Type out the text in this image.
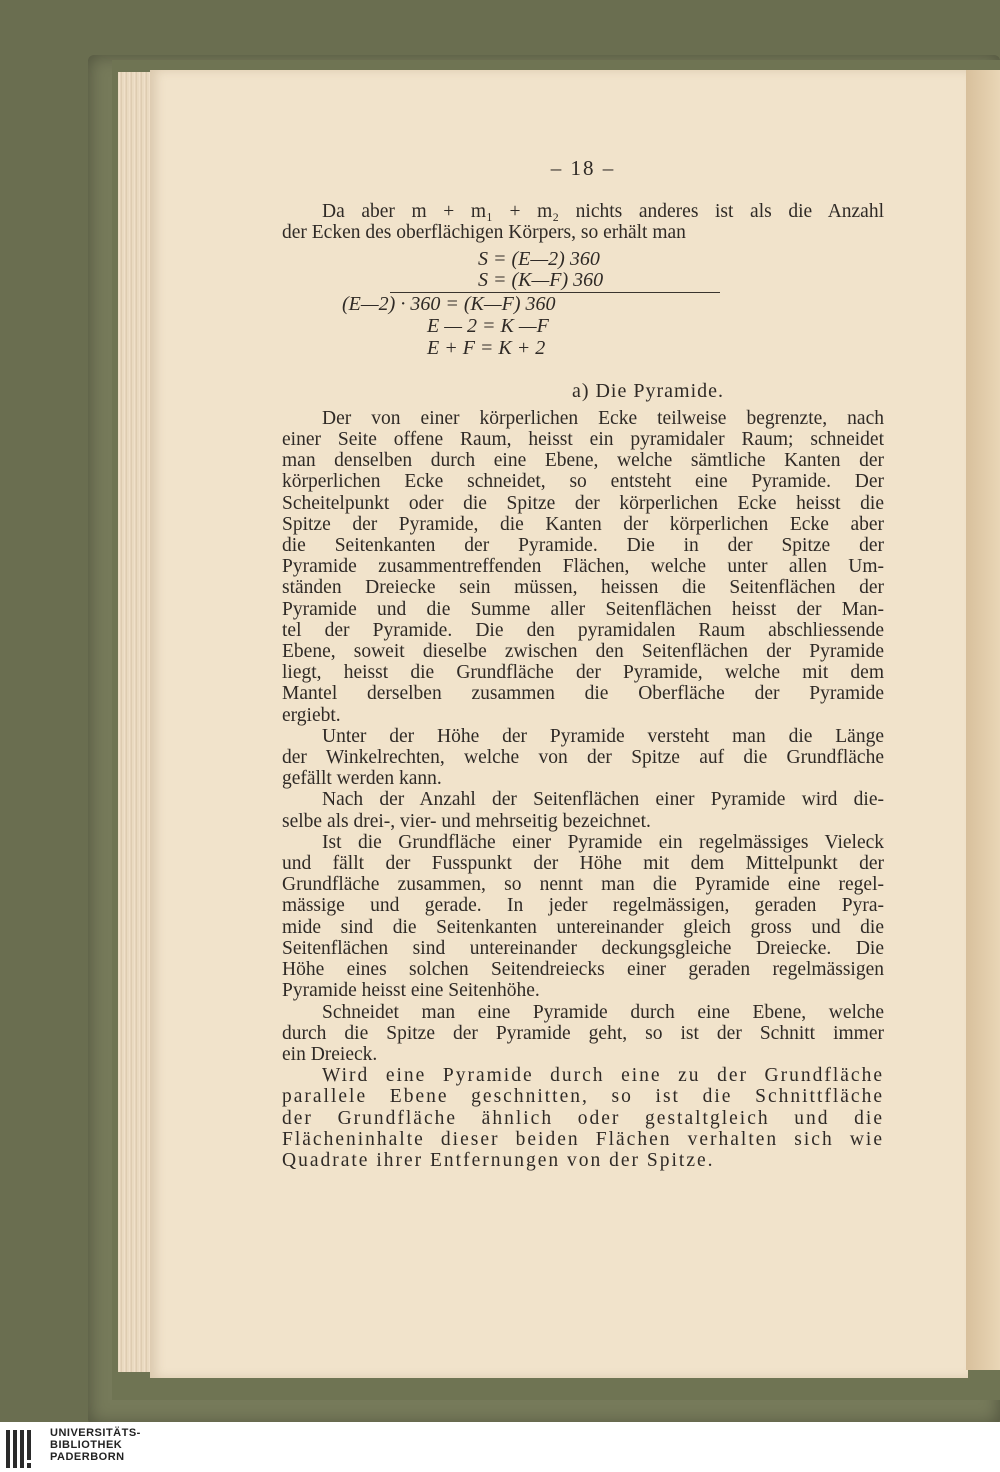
– 18 –
Da aber m + m₁ + m₂ nichts anderes ist als die Anzahl
der Ecken des oberflächigen Körpers, so erhält man
S = (E—2) 360
S = (K—F) 360
(E—2) · 360 = (K—F) 360
E — 2 = K —F
E + F = K + 2
a) Die Pyramide.
Der von einer körperlichen Ecke teilweise begrenzte, nach
einer Seite offene Raum, heisst ein pyramidaler Raum; schneidet
man denselben durch eine Ebene, welche sämtliche Kanten der
körperlichen Ecke schneidet, so entsteht eine Pyramide. Der
Scheitelpunkt oder die Spitze der körperlichen Ecke heisst die
Spitze der Pyramide, die Kanten der körperlichen Ecke aber
die Seitenkanten der Pyramide. Die in der Spitze der
Pyramide zusammentreffenden Flächen, welche unter allen Um-
ständen Dreiecke sein müssen, heissen die Seitenflächen der
Pyramide und die Summe aller Seitenflächen heisst der Man-
tel der Pyramide. Die den pyramidalen Raum abschliessende
Ebene, soweit dieselbe zwischen den Seitenflächen der Pyramide
liegt, heisst die Grundfläche der Pyramide, welche mit dem
Mantel derselben zusammen die Oberfläche der Pyramide
ergiebt.
Unter der Höhe der Pyramide versteht man die Länge
der Winkelrechten, welche von der Spitze auf die Grundfläche
gefällt werden kann.
Nach der Anzahl der Seitenflächen einer Pyramide wird die-
selbe als drei-, vier- und mehrseitig bezeichnet.
Ist die Grundfläche einer Pyramide ein regelmässiges Vieleck
und fällt der Fusspunkt der Höhe mit dem Mittelpunkt der
Grundfläche zusammen, so nennt man die Pyramide eine regel-
mässige und gerade. In jeder regelmässigen, geraden Pyra-
mide sind die Seitenkanten untereinander gleich gross und die
Seitenflächen sind untereinander deckungsgleiche Dreiecke. Die
Höhe eines solchen Seitendreiecks einer geraden regelmässigen
Pyramide heisst eine Seitenhöhe.
Schneidet man eine Pyramide durch eine Ebene, welche
durch die Spitze der Pyramide geht, so ist der Schnitt immer
ein Dreieck.
Wird eine Pyramide durch eine zu der Grundfläche
parallele Ebene geschnitten, so ist die Schnittfläche
der Grundfläche ähnlich oder gestaltgleich und die
Flächeninhalte dieser beiden Flächen verhalten sich wie
Quadrate ihrer Entfernungen von der Spitze.
UNIVERSITÄTS-
BIBLIOTHEK
PADERBORN
